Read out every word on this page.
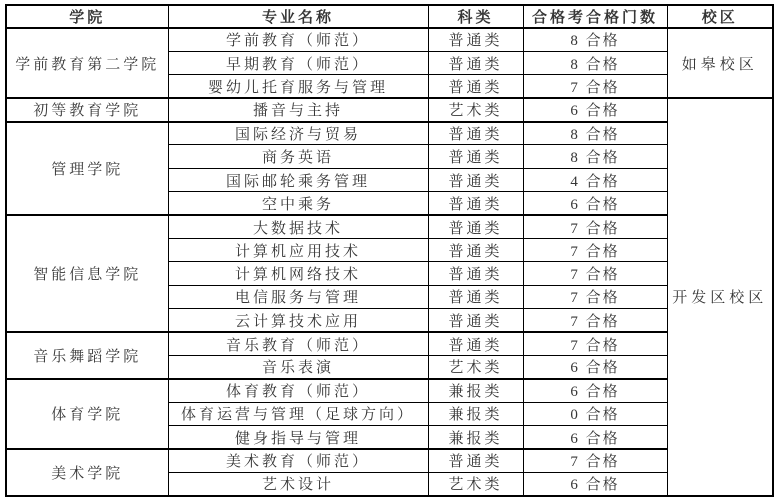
学院	专业名称	科类	合格考合格门数	校区
学前教育第二学院	学前教育（师范）	普通类	8 合格	如皋校区
	早期教育（师范）	普通类	8 合格	
	婴幼儿托育服务与管理	普通类	7 合格	
初等教育学院	播音与主持	艺术类	6 合格	开发区校区
管理学院	国际经济与贸易	普通类	8 合格	
	商务英语	普通类	8 合格	
	国际邮轮乘务管理	普通类	4 合格	
	空中乘务	普通类	6 合格	
智能信息学院	大数据技术	普通类	7 合格	
	计算机应用技术	普通类	7 合格	
	计算机网络技术	普通类	7 合格	
	电信服务与管理	普通类	7 合格	
	云计算技术应用	普通类	7 合格	
音乐舞蹈学院	音乐教育（师范）	普通类	7 合格	
	音乐表演	艺术类	6 合格	
体育学院	体育教育（师范）	兼报类	6 合格	
	体育运营与管理（足球方向）	兼报类	0 合格	
	健身指导与管理	兼报类	6 合格	
美术学院	美术教育（师范）	普通类	7 合格	
	艺术设计	艺术类	6 合格	
